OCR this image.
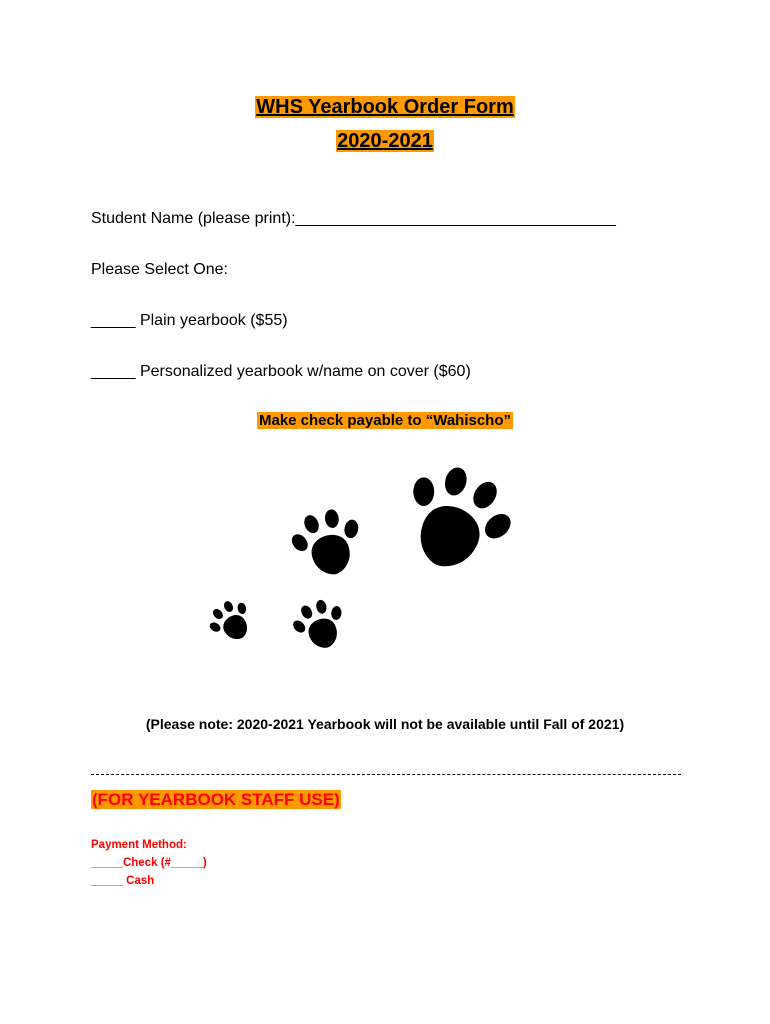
WHS Yearbook Order Form
2020-2021
Student Name (please print):____________________________________
Please Select One:
_____ Plain yearbook ($55)
_____ Personalized yearbook w/name on cover ($60)
Make check payable to “Wahischo”
(Please note: 2020-2021 Yearbook will not be available until Fall of 2021)
(FOR YEARBOOK STAFF USE)
Payment Method:
_____Check (#_____)
_____ Cash
